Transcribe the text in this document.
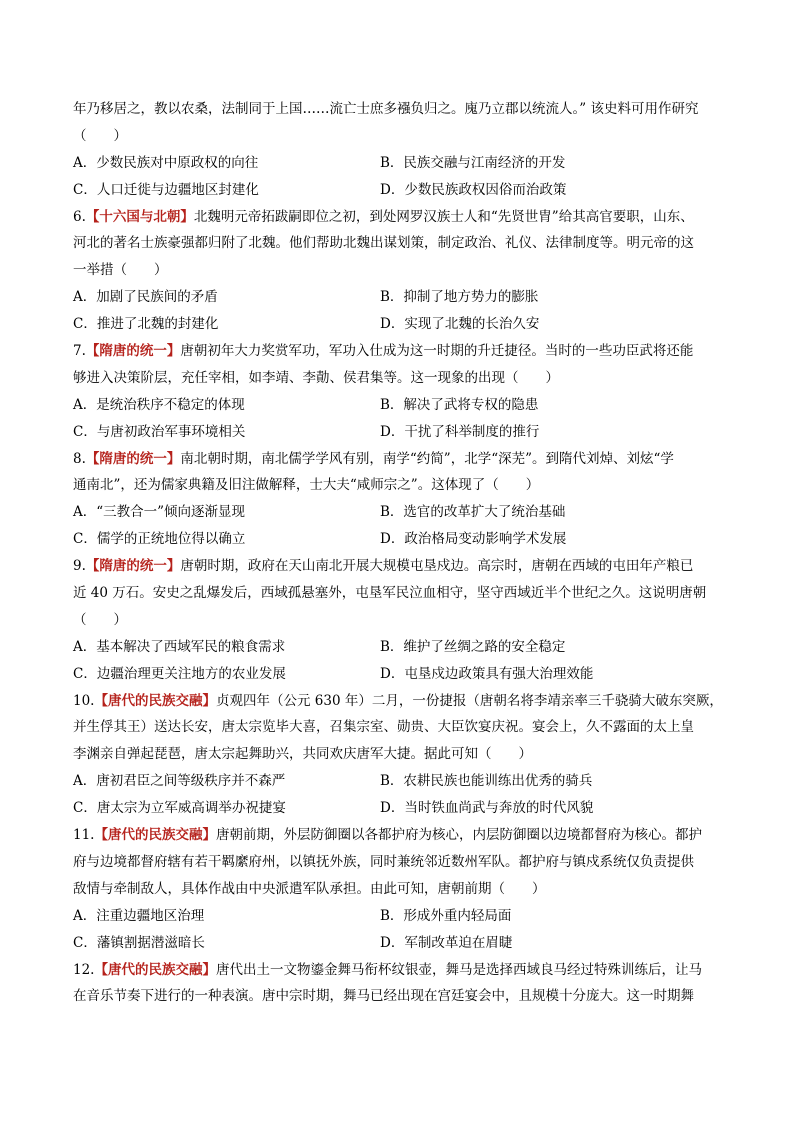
年乃移居之，教以农桑，法制同于上国……流亡士庶多襁负归之。廆乃立郡以统流人。” 该史料可用作研究
（　　）
A．少数民族对中原政权的向往	B．民族交融与江南经济的开发
C．人口迁徙与边疆地区封建化	D．少数民族政权因俗而治政策
6.【十六国与北朝】北魏明元帝拓跋嗣即位之初，到处网罗汉族士人和“先贤世胄”给其高官要职，山东、
河北的著名士族豪强都归附了北魏。他们帮助北魏出谋划策，制定政治、礼仪、法律制度等。明元帝的这
一举措（　　）
A．加剧了民族间的矛盾	B．抑制了地方势力的膨胀
C．推进了北魏的封建化	D．实现了北魏的长治久安
7.【隋唐的统一】唐朝初年大力奖赏军功，军功入仕成为这一时期的升迁捷径。当时的一些功臣武将还能
够进入决策阶层，充任宰相，如李靖、李勣、侯君集等。这一现象的出现（　　）
A．是统治秩序不稳定的体现	B．解决了武将专权的隐患
C．与唐初政治军事环境相关	D．干扰了科举制度的推行
8.【隋唐的统一】南北朝时期，南北儒学学风有别，南学“约简”，北学“深芜”。到隋代刘焯、刘炫“学
通南北”，还为儒家典籍及旧注做解释，士大夫“咸师宗之”。这体现了（　　）
A．“三教合一”倾向逐渐显现	B．选官的改革扩大了统治基础
C．儒学的正统地位得以确立	D．政治格局变动影响学术发展
9.【隋唐的统一】唐朝时期，政府在天山南北开展大规模屯垦戍边。高宗时，唐朝在西域的屯田年产粮已
近 40 万石。安史之乱爆发后，西域孤悬塞外，屯垦军民泣血相守，坚守西域近半个世纪之久。这说明唐朝
（　　）
A．基本解决了西域军民的粮食需求	B．维护了丝绸之路的安全稳定
C．边疆治理更关注地方的农业发展	D．屯垦戍边政策具有强大治理效能
10.【唐代的民族交融】贞观四年（公元 630 年）二月，一份捷报（唐朝名将李靖亲率三千骁骑大破东突厥，
并生俘其王）送达长安，唐太宗览毕大喜，召集宗室、勋贵、大臣饮宴庆祝。宴会上，久不露面的太上皇
李渊亲自弹起琵琶，唐太宗起舞助兴，共同欢庆唐军大捷。据此可知（　　）
A．唐初君臣之间等级秩序并不森严	B．农耕民族也能训练出优秀的骑兵
C．唐太宗为立军威高调举办祝捷宴	D．当时铁血尚武与奔放的时代风貌
11.【唐代的民族交融】唐朝前期，外层防御圈以各都护府为核心，内层防御圈以边境都督府为核心。都护
府与边境都督府辖有若干羁縻府州，以镇抚外族，同时兼统邻近数州军队。都护府与镇戍系统仅负责提供
敌情与牵制敌人，具体作战由中央派遣军队承担。由此可知，唐朝前期（　　）
A．注重边疆地区治理	B．形成外重内轻局面
C．藩镇割据潜滋暗长	D．军制改革迫在眉睫
12.【唐代的民族交融】唐代出土一文物鎏金舞马衔杯纹银壶，舞马是选择西域良马经过特殊训练后，让马
在音乐节奏下进行的一种表演。唐中宗时期，舞马已经出现在宫廷宴会中，且规模十分庞大。这一时期舞
